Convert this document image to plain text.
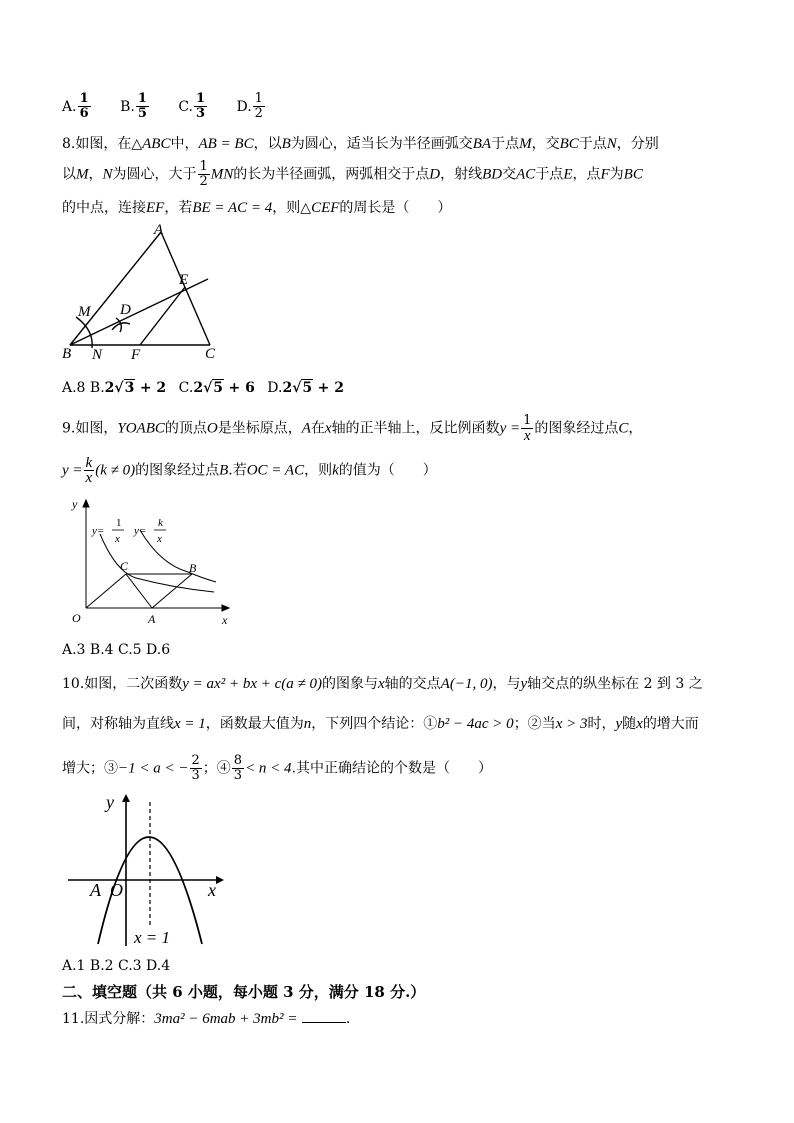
A. $\frac{1}{6} B$. $\frac{1}{5} C$. $\frac{1}{3} D$. $\frac{1}{2}$
8.如图，在△ABC中，AB = BC，以B为圆心，适当长为半径画弧交BA于点M，交BC于点N，分别
以M，N为圆心，大于 $\frac{1}{2}$ MN的长为半径画弧，两弧相交于点D，射线BD交AC于点E，点F为BC
的中点，连接EF，若BE = AC = 4，则△CEF的周长是（　　）
A
B	C
D
E
F
M
N
A.8 B.2√3 + 2 C.2√5 + 6 D.2√5 + 2
9.如图，YOABC的顶点O是坐标原点，A在x轴的正半轴上，反比例函数$y = \frac{1}{x}$ 的图象经过点C，
$y = \frac{k}{x} (k \ne 0)$的图象经过点B.若OC = AC，则k的值为（　　）
y
x
O	A
B
C
y=
1
x
y=
k
x
A.3 B.4 C.5 D.6
10.如图，二次函数y = ax² + bx + c(a ≠ 0)的图象与x轴的交点A(−1, 0)，与y轴交点的纵坐标在 2 到 3 之
间，对称轴为直线x = 1，函数最大值为n，下列四个结论：①b² − 4ac > 0；②当x > 3时，y随x的增大而
增大；③−1 < a < − $\frac{2}{3}$ ；④ $\frac{8}{3} < n < 4$.其中正确结论的个数是（　　）
y
x
A O
x = 1
A.1 B.2 C.3 D.4
二、填空题（共 6 小题，每小题 3 分，满分 18 分.）
11.因式分解：3ma² − 6mab + 3mb² =	.
